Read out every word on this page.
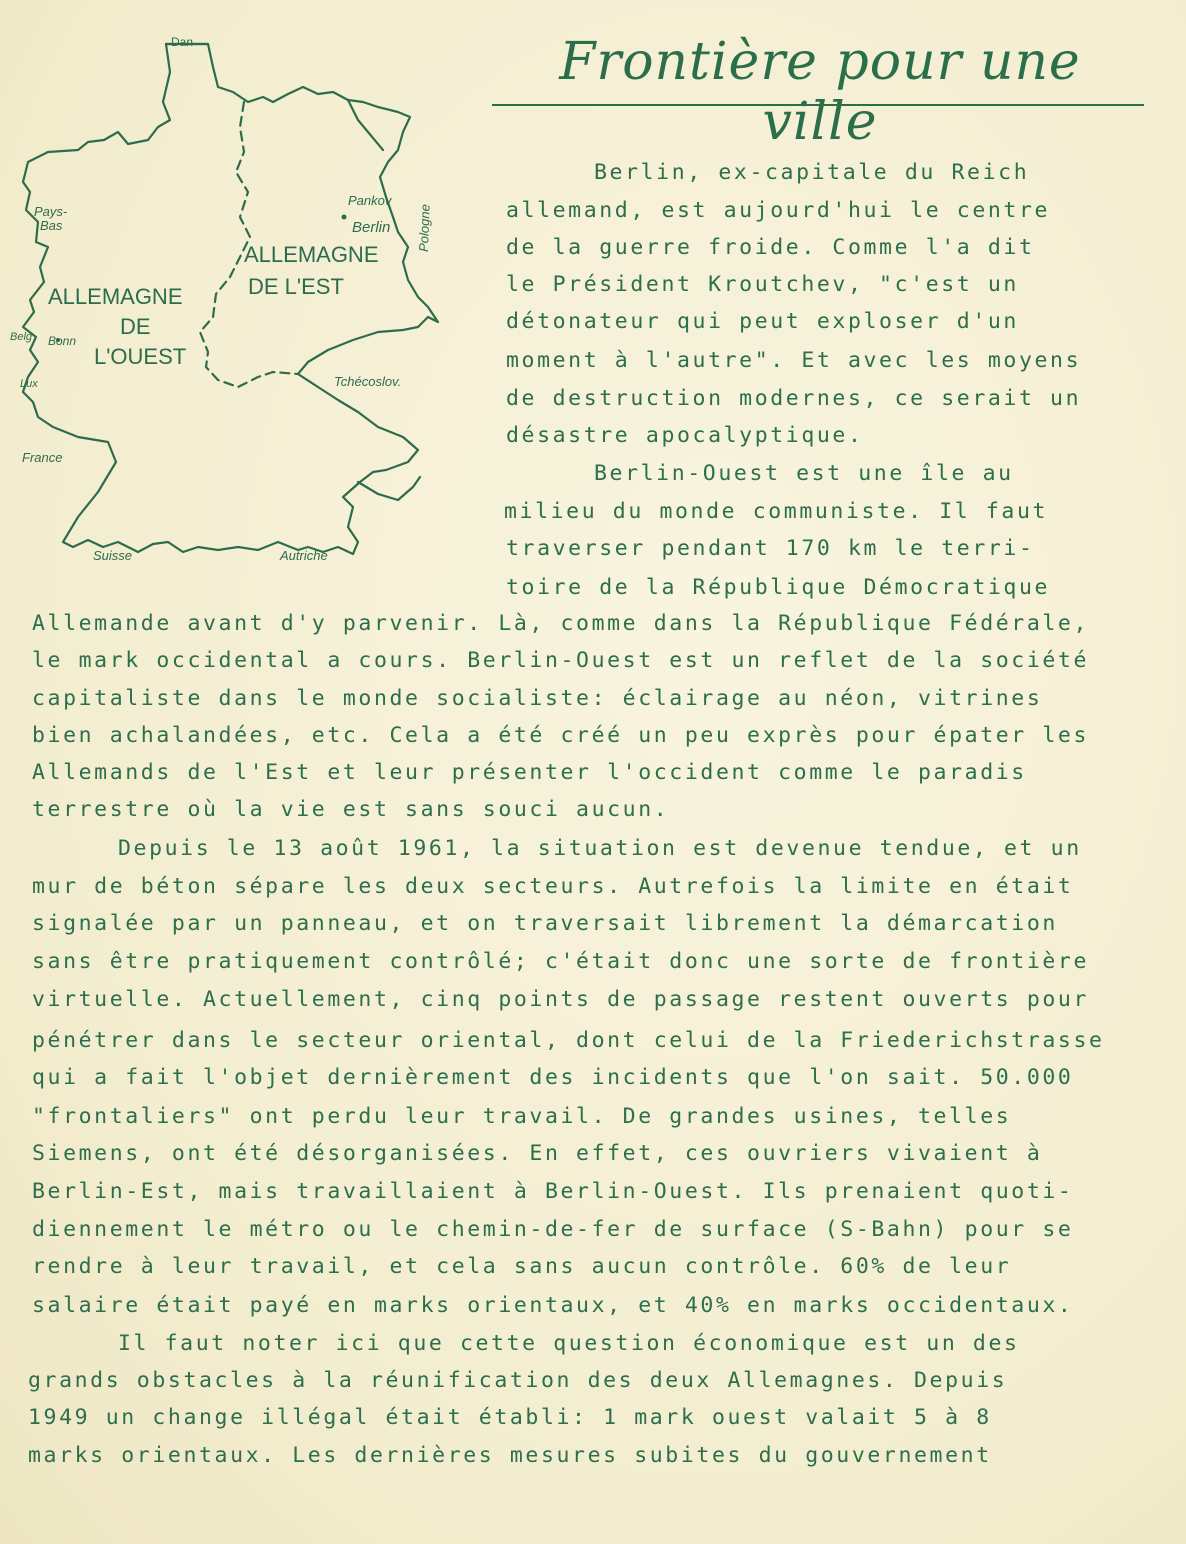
Frontière pour une ville
Dan
Pays-
Bas
ALLEMAGNE
DE
L'OUEST
ALLEMAGNE
DE L'EST
Pankov
Berlin Pologne
Bonn
Belg
Lux	Tchécoslov.
France
Suisse	Autriche
Berlin, ex-capitale du Reich
allemand, est aujourd'hui le centre
de la guerre froide. Comme l'a dit
le Président Kroutchev, "c'est un
détonateur qui peut exploser d'un
moment à l'autre". Et avec les moyens
de destruction modernes, ce serait un
désastre apocalyptique.
Berlin-Ouest est une île au
milieu du monde communiste. Il faut
traverser pendant 170 km le terri-
toire de la République Démocratique
Allemande avant d'y parvenir. Là, comme dans la République Fédérale,
le mark occidental a cours. Berlin-Ouest est un reflet de la société
capitaliste dans le monde socialiste: éclairage au néon, vitrines
bien achalandées, etc. Cela a été créé un peu exprès pour épater les
Allemands de l'Est et leur présenter l'occident comme le paradis
terrestre où la vie est sans souci aucun.
Depuis le 13 août 1961, la situation est devenue tendue, et un
mur de béton sépare les deux secteurs. Autrefois la limite en était
signalée par un panneau, et on traversait librement la démarcation
sans être pratiquement contrôlé; c'était donc une sorte de frontière
virtuelle. Actuellement, cinq points de passage restent ouverts pour
pénétrer dans le secteur oriental, dont celui de la Friederichstrasse
qui a fait l'objet dernièrement des incidents que l'on sait. 50.000
"frontaliers" ont perdu leur travail. De grandes usines, telles
Siemens, ont été désorganisées. En effet, ces ouvriers vivaient à
Berlin-Est, mais travaillaient à Berlin-Ouest. Ils prenaient quoti-
diennement le métro ou le chemin-de-fer de surface (S-Bahn) pour se
rendre à leur travail, et cela sans aucun contrôle. 60% de leur
salaire était payé en marks orientaux, et 40% en marks occidentaux.
Il faut noter ici que cette question économique est un des
grands obstacles à la réunification des deux Allemagnes. Depuis
1949 un change illégal était établi: 1 mark ouest valait 5 à 8
marks orientaux. Les dernières mesures subites du gouvernement
